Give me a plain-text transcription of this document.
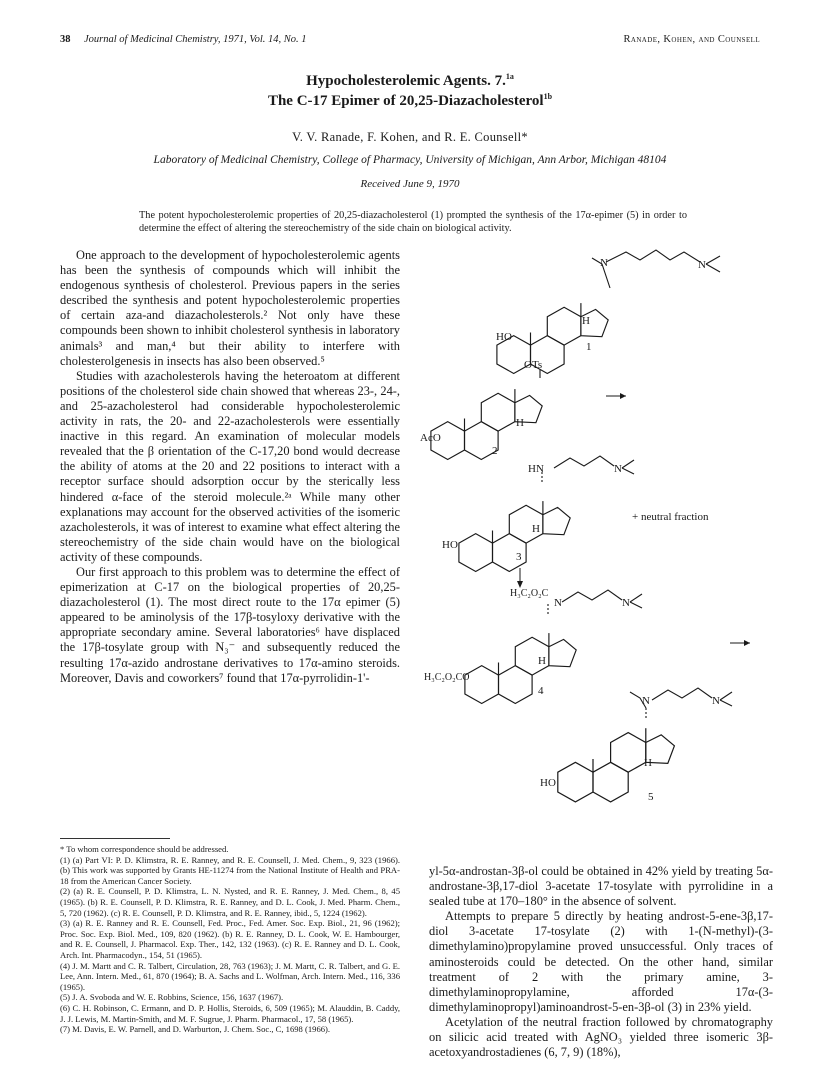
38 Journal of Medicinal Chemistry, 1971, Vol. 14, No. 1	Ranade, Kohen, and Counsell
Hypocholesterolemic Agents. 7.$^{1a}$
The C-17 Epimer of 20,25-Diazacholesterol$^{1b}$
V. V. Ranade, F. Kohen, and R. E. Counsell*
Laboratory of Medicinal Chemistry, College of Pharmacy, University of Michigan, Ann Arbor, Michigan 48104
Received June 9, 1970
The potent hypocholesterolemic properties of 20,25-diazacholesterol (1) prompted the synthesis of the 17α-epimer (5) in order to determine the effect of altering the stereochemistry of the side chain on biological activity.

One approach to the development of hypocholesterolemic agents has been the synthesis of compounds which will inhibit the endogenous synthesis of cholesterol. Previous papers in the series described the synthesis and potent hypocholesterolemic properties of certain aza-and diazacholesterols.² Not only have these compounds been shown to inhibit cholesterol synthesis in laboratory animals³ and man,⁴ but their ability to interfere with cholesterolgenesis in insects has also been observed.⁵

Studies with azacholesterols having the heteroatom at different positions of the cholesterol side chain showed that whereas 23-, 24-, and 25-azacholesterol had considerable hypocholesterolemic activity in rats, the 20- and 22-azacholesterols were essentially inactive in this regard. An examination of molecular models revealed that the β orientation of the C-17,20 bond would decrease the ability of atoms at the 20 and 22 positions to interact with a receptor surface should adsorption occur by the sterically less hindered α-face of the steroid molecule.²ᵃ While many other explanations may account for the observed activities of the isomeric azacholesterols, it was of interest to examine what effect altering the stereochemistry of the side chain would have on the biological activity of these compounds.

Our first approach to this problem was to determine the effect of epimerization at C-17 on the biological properties of 20,25-diazacholesterol (1). The most direct route to the 17α epimer (5) appeared to be aminolysis of the 17β-tosyloxy derivative with the appropriate secondary amine. Several laboratories⁶ have displaced the 17β-tosylate group with N₃⁻ and subsequently reduced the resulting 17α-azido androstane derivatives to 17α-amino steroids. Moreover, Davis and coworkers⁷ found that 17α-pyrrolidin-1'-

* To whom correspondence should be addressed.
(1) (a) Part VI: P. D. Klimstra, R. E. Ranney, and R. E. Counsell, J. Med. Chem., 9, 323 (1966). (b) This work was supported by Grants HE-11274 from the National Institute of Health and PRA-18 from the American Cancer Society.
(2) (a) R. E. Counsell, P. D. Klimstra, L. N. Nysted, and R. E. Ranney, J. Med. Chem., 8, 45 (1965). (b) R. E. Counsell, P. D. Klimstra, R. E. Ranney, and D. L. Cook, J. Med. Pharm. Chem., 5, 720 (1962). (c) R. E. Counsell, P. D. Klimstra, and R. E. Ranney, ibid., 5, 1224 (1962).
(3) (a) R. E. Ranney and R. E. Counsell, Fed. Proc., Fed. Amer. Soc. Exp. Biol., 21, 96 (1962); Proc. Soc. Exp. Biol. Med., 109, 820 (1962). (b) R. E. Ranney, D. L. Cook, W. E. Hambourger, and R. E. Counsell, J. Pharmacol. Exp. Ther., 142, 132 (1963). (c) R. E. Ranney and D. L. Cook, Arch. Int. Pharmacodyn., 154, 51 (1965).
(4) J. M. Martt and C. R. Talbert, Circulation, 28, 763 (1963); J. M. Martt, C. R. Talbert, and G. E. Lee, Ann. Intern. Med., 61, 870 (1964); B. A. Sachs and L. Wolfman, Arch. Intern. Med., 116, 336 (1965).
(5) J. A. Svoboda and W. E. Robbins, Science, 156, 1637 (1967).
(6) C. H. Robinson, C. Ermann, and D. P. Hollis, Steroids, 6, 509 (1965); M. Alauddin, B. Caddy, J. J. Lewis, M. Martin-Smith, and M. F. Sugrue, J. Pharm. Pharmacol., 17, 58 (1965).
(7) M. Davis, E. W. Parnell, and D. Warburton, J. Chem. Soc., C, 1698 (1966).

yl-5α-androstan-3β-ol could be obtained in 42% yield by treating 5α-androstane-3β,17-diol 3-acetate 17-tosylate with pyrrolidine in a sealed tube at 170–180° in the absence of solvent.

Attempts to prepare 5 directly by heating androst-5-ene-3β,17-diol 3-acetate 17-tosylate (2) with 1-(N-methyl)-(3-dimethylamino)propylamine proved unsuccessful. Only traces of aminosteroids could be detected. On the other hand, similar treatment of 2 with the primary amine, 3-dimethylaminopropylamine, afforded 17α-(3-dimethylaminopropyl)aminoandrost-5-en-3β-ol (3) in 23% yield.

Acetylation of the neutral fraction followed by chromatography on silicic acid treated with AgNO₃ yielded three isomeric 3β-acetoxyandrostadienes (6, 7, 9) (18%),

N	N
HO
H
1
OTs
AcO
H
2
HN	N
HO
H
+ neutral fraction
3
H₃C₂O₂C
N	N
H₃C₂O₂CO
H
4
N	N
HO
H
5
